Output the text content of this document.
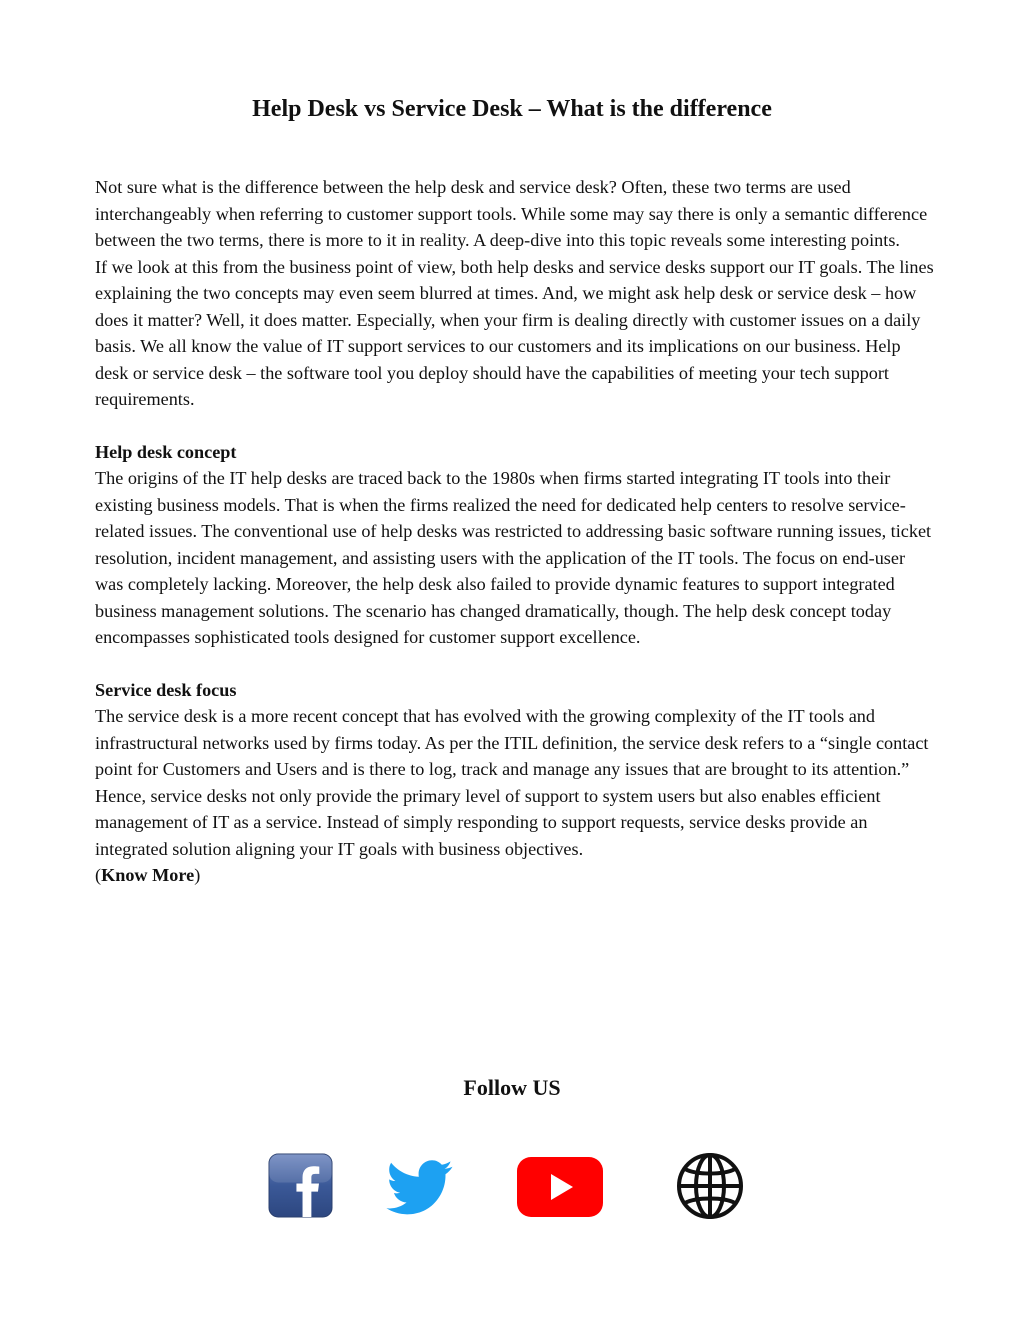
Help Desk vs Service Desk – What is the difference

Not sure what is the difference between the help desk and service desk? Often, these two terms are used interchangeably when referring to customer support tools. While some may say there is only a semantic difference between the two terms, there is more to it in reality. A deep-dive into this topic reveals some interesting points.

If we look at this from the business point of view, both help desks and service desks support our IT goals. The lines explaining the two concepts may even seem blurred at times. And, we might ask help desk or service desk – how does it matter? Well, it does matter. Especially, when your firm is dealing directly with customer issues on a daily basis. We all know the value of IT support services to our customers and its implications on our business. Help desk or service desk – the software tool you deploy should have the capabilities of meeting your tech support requirements.

Help desk concept

The origins of the IT help desks are traced back to the 1980s when firms started integrating IT tools into their existing business models. That is when the firms realized the need for dedicated help centers to resolve service-related issues. The conventional use of help desks was restricted to addressing basic software running issues, ticket resolution, incident management, and assisting users with the application of the IT tools. The focus on end-user was completely lacking. Moreover, the help desk also failed to provide dynamic features to support integrated business management solutions. The scenario has changed dramatically, though. The help desk concept today encompasses sophisticated tools designed for customer support excellence.

Service desk focus

The service desk is a more recent concept that has evolved with the growing complexity of the IT tools and infrastructural networks used by firms today. As per the ITIL definition, the service desk refers to a “single contact point for Customers and Users and is there to log, track and manage any issues that are brought to its attention.” Hence, service desks not only provide the primary level of support to system users but also enables efficient management of IT as a service. Instead of simply responding to support requests, service desks provide an integrated solution aligning your IT goals with business objectives.

(Know More)

Follow US
